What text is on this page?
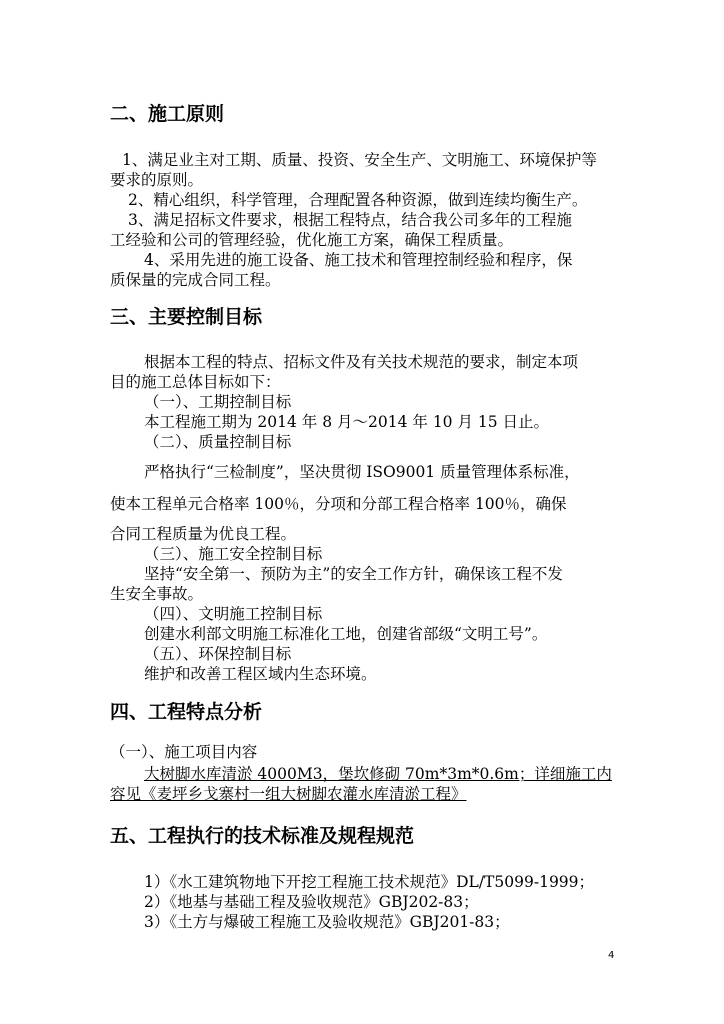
二、施工原则
1、满足业主对工期、质量、投资、安全生产、文明施工、环境保护等
要求的原则。
2、精心组织，科学管理，合理配置各种资源，做到连续均衡生产。
3、满足招标文件要求，根据工程特点，结合我公司多年的工程施
工经验和公司的管理经验，优化施工方案，确保工程质量。
4、采用先进的施工设备、施工技术和管理控制经验和程序，保
质保量的完成合同工程。
三、主要控制目标
根据本工程的特点、招标文件及有关技术规范的要求，制定本项
目的施工总体目标如下：
（一）、工期控制目标
本工程施工期为 2014 年 8 月～2014 年 10 月 15 日止。
（二）、质量控制目标
严格执行“三检制度”，坚决贯彻 ISO9001 质量管理体系标准，
使本工程单元合格率 100％，分项和分部工程合格率 100％，确保
合同工程质量为优良工程。
（三）、施工安全控制目标
坚持“安全第一、预防为主”的安全工作方针，确保该工程不发
生安全事故。
（四）、文明施工控制目标
创建水利部文明施工标准化工地，创建省部级“文明工号”。
（五）、环保控制目标
维护和改善工程区域内生态环境。
四、工程特点分析
（一）、施工项目内容
大树脚水库清淤 4000M3，堡坎修砌 70m*3m*0.6m；详细施工内
容见《麦坪乡戈寨村一组大树脚农灌水库清淤工程》
五、工程执行的技术标准及规程规范
1）《水工建筑物地下开挖工程施工技术规范》DL/T5099-1999；
2）《地基与基础工程及验收规范》GBJ202-83；
3）《土方与爆破工程施工及验收规范》GBJ201-83；
4
